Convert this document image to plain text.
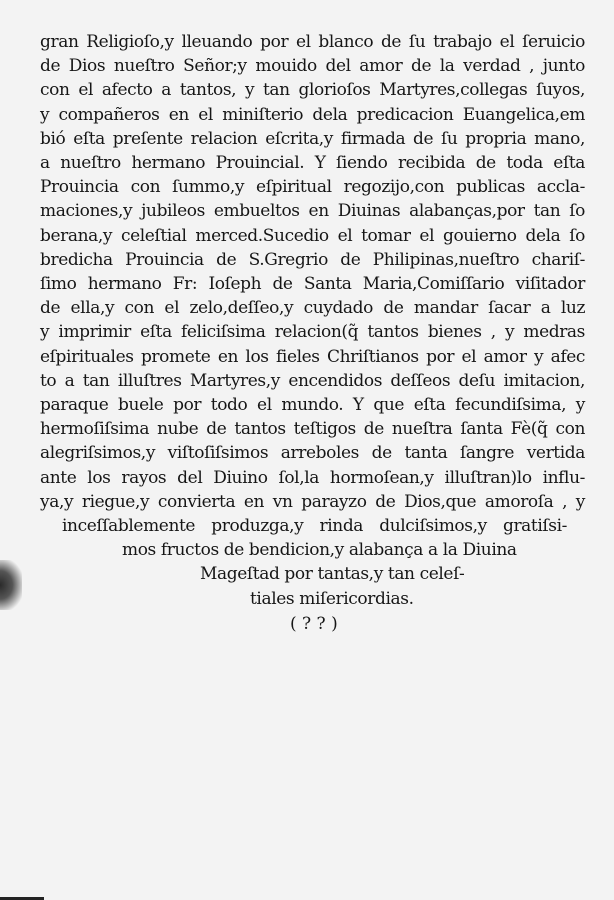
gran Religioſo,y lleuando por el blanco de ſu trabajo el ſeruicio
de Dios nueſtro Señor;y mouido del amor de la verdad , junto
con el afecto a tantos, y tan glorioſos Martyres,collegas ſuyos,
y compañeros en el miniſterio dela predicacion Euangelica,em
bió eſta preſente relacion eſcrita,y firmada de ſu propria mano,
a nueſtro hermano Prouincial. Y ſiendo recibida de toda eſta
Prouincia con ſummo,y eſpiritual regozijo,con publicas accla-
maciones,y jubileos embueltos en Diuinas alabanças,por tan ſo
berana,y celeſtial merced.Sucedio el tomar el gouierno dela ſo
bredicha Prouincia de S.Gregrio de Philipinas,nueſtro chariſ-
ſimo hermano Fr: Ioſeph de Santa Maria,Comiſſario viſitador
de ella,y con el zelo,deſſeo,y cuydado de mandar ſacar a luz
y imprimir eſta feliciſsima relacion(q̃ tantos bienes , y medras
eſpirituales promete en los fieles Chriſtianos por el amor y afec
to a tan illuſtres Martyres,y encendidos deſſeos deſu imitacion,
paraque buele por todo el mundo. Y que eſta fecundiſsima, y
hermoſiſsima nube de tantos teſtigos de nueſtra ſanta Fè(q̃ con
alegriſsimos,y viſtoſiſsimos arreboles de tanta ſangre vertida
ante los rayos del Diuino ſol,la hormoſean,y illuſtran)lo influ-
ya,y riegue,y convierta en vn parayzo de Dios,que amoroſa , y
inceſſablemente produzga,y rinda dulciſsimos,y gratiſsi-
mos fructos de bendicion,y alabança a la Diuina
Mageſtad por tantas,y tan celeſ-
tiales miſericordias.
( ? ? )
